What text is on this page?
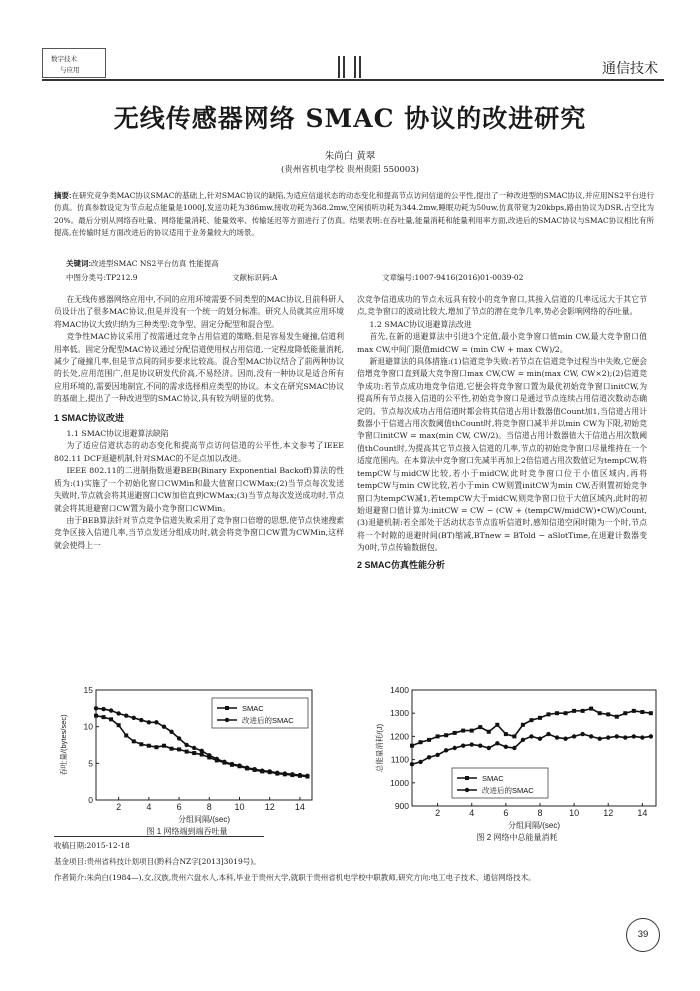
数字技术
与应用	通信技术
无线传感器网络 SMAC 协议的改进研究
朱尚白 黄翠
(贵州省机电学校 贵州贵阳 550003)
摘要:在研究竞争类MAC协议SMAC的基础上,针对SMAC协议的缺陷,为适应信道状态的动态变化和提高节点访问信道的公平性,提出了一种改进型的SMAC协议,并应用NS2平台进行仿真。仿真参数设定为节点起点能量是1000J,发送功耗为386mw,接收功耗为368.2mw,空闲侦听功耗为344.2mw,睡眠功耗为50uw,仿真带宽为20kbps,路由协议为DSR,占空比为20%。最后分别从网络吞吐量、网络能量消耗、能量效率、传输延迟等方面进行了仿真。结果表明:在吞吐量,能量消耗和能量利用率方面,改进后的SMAC协议与SMAC协议相比有所提高,在传输时延方面改进后的协议适用于业务量较大的场景。
关键词:改进型SMAC NS2平台仿真 性能提高
中图分类号:TP212.9	文献标识码:A	文章编号:1007-9416(2016)01-0039-02

在无线传感器网络应用中,不同的应用环境需要不同类型的MAC协议,目前科研人员设计出了很多MAC协议,但是并没有一个统一的划分标准。研究人员就其应用环境将MAC协议大致归纳为三种类型:竞争型、固定分配型和混合型。

竞争性MAC协议采用了按需通过竞争占用信道的策略,但是容易发生碰撞,信道利用率低。固定分配型MAC协议通过分配信道使用权占用信道,一定程度降低能量消耗,减少了碰撞几率,但是节点间的同步要求比较高。混合型MAC协议结合了前两种协议的长处,应用范围广,但是协议研发代价高,不易经济。因而,没有一种协议是适合所有应用环境的,需要因地制宜,不同的需求选择相应类型的协议。本文在研究SMAC协议的基础上,提出了一种改进型的SMAC协议,具有较为明显的优势。

1 SMAC协议改进
1.1 SMAC协议退避算法缺陷

为了适应信道状态的动态变化和提高节点访问信道的公平性,本文参考了IEEE 802.11 DCF退避机制,针对SMAC的不足点加以改进。

IEEE 802.11的二进制指数退避BEB(Binary Exponential Backoff)算法的性质为:(1)实施了一个初始化窗口CWMin和最大值窗口CWMax;(2)当节点每次发送失败时,节点就会将其退避窗口CW加倍直到CWMax;(3)当节点每次发送成功时,节点就会将其退避窗口CW置为最小竞争窗口CWMin。

由于BEB算法针对节点竞争信道失败采用了竞争窗口倍增的思想,使节点快速搜索竞争区接入信道几率,当节点发送分组成功时,就会将竞争窗口CW置为CWMin,这样就会使得上一

次竞争信道成功的节点永远具有较小的竞争窗口,其接入信道的几率远远大于其它节点,竞争窗口的波动比较大,增加了节点的潜在竞争几率,势必会影响网络的吞吐量。
1.2 SMAC协议退避算法改进

首先,在新的退避算法中引进3个定值,最小竞争窗口值min CW,最大竞争窗口值max CW,中间门限值midCW = (min CW + max CW)/2。

新退避算法的具体措施:(1)信道竞争失败:若节点在信道竞争过程当中失败,它便会倍增竞争窗口直到最大竞争窗口max CW,CW = min(max CW, CW×2);(2)信道竞争成功:若节点成功地竞争信道,它便会将竞争窗口置为最优初始竞争窗口initCW,为提高所有节点接入信道的公平性,初始竞争窗口是通过节点连续占用信道次数动态确定的。节点每次成功占用信道时都会将其信道占用计数器值Count加1,当信道占用计数器小于信道占用次数阈值thCount时,将竞争窗口减半并以min CW为下限,初始竞争窗口initCW = max(min CW, CW/2)。当信道占用计数器值大于信道占用次数阈值thCount时,为提高其它节点接入信道的几率,节点的初始竞争窗口尽量维持在一个适度范围内。在本算法中竞争窗口先减半再加上2倍信道占用次数值记为tempCW,将tempCW与midCW比较,若小于midCW,此时竞争窗口位于小值区域内,再将tempCW与min CW比较,若小于min CW则置initCW为min CW,否则置初始竞争窗口为tempCW减1,若tempCW大于midCW,则竞争窗口位于大值区域内,此时的初始退避窗口值计算为:initCW = CW − (CW + (tempCW/midCW)•CW)/Count,(3)退避机制:若全部处于活动状态节点监听信道时,感知信道空闲时隙为一个时,节点将一个时隙的退避时间(BT)缩减,BTnew = BTold − aSlotTime,在退避计数器变为0时,节点传输数据包。

2 SMAC仿真性能分析
2	4	6	8	10 12 14
0
5
10
15
分组间隔/(sec)
吞吐量/(bytes/sec)
SMAC
改进后的SMAC
图 1 网络端到端吞吐量
2	4	6	8	10	12	14
900
1000
1100
1200
1300
1400
分组间隔/(sec)
总能量消耗/(J)
SMAC
改进后的SMAC
图 2 网络中总能量消耗
收稿日期:2015-12-18
基金项目:贵州省科技计划项目(黔科合NZ字[2013]3019号)。
作者简介:朱尚白(1984—),女,汉族,贵州六盘水人,本科,毕业于贵州大学,就职于贵州省机电学校中职教师,研究方向:电工电子技术、通信网络技术。
39
